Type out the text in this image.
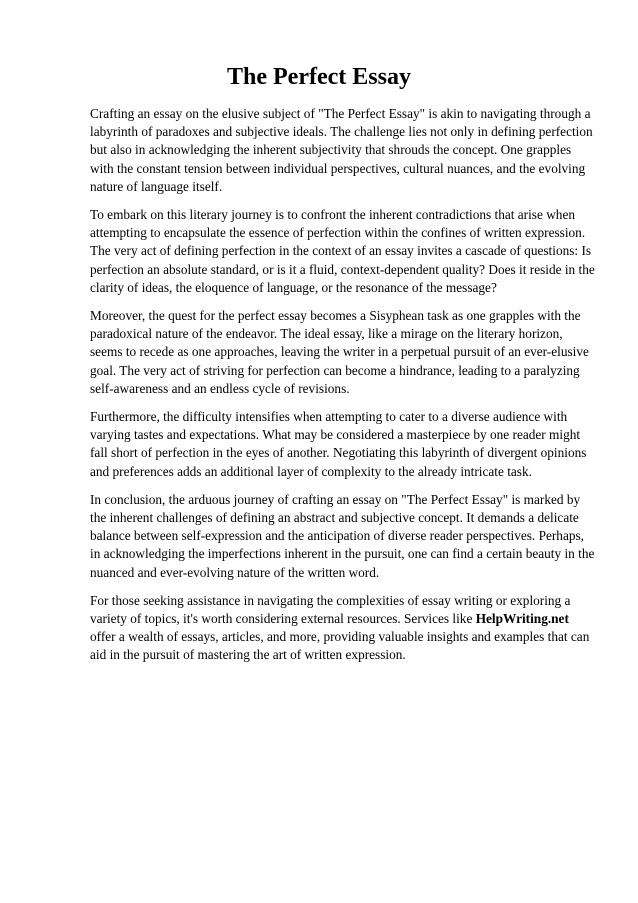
The Perfect Essay

Crafting an essay on the elusive subject of "The Perfect Essay" is akin to navigating through a labyrinth of paradoxes and subjective ideals. The challenge lies not only in defining perfection but also in acknowledging the inherent subjectivity that shrouds the concept. One grapples with the constant tension between individual perspectives, cultural nuances, and the evolving nature of language itself.

To embark on this literary journey is to confront the inherent contradictions that arise when attempting to encapsulate the essence of perfection within the confines of written expression. The very act of defining perfection in the context of an essay invites a cascade of questions: Is perfection an absolute standard, or is it a fluid, context-dependent quality? Does it reside in the clarity of ideas, the eloquence of language, or the resonance of the message?

Moreover, the quest for the perfect essay becomes a Sisyphean task as one grapples with the paradoxical nature of the endeavor. The ideal essay, like a mirage on the literary horizon, seems to recede as one approaches, leaving the writer in a perpetual pursuit of an ever-elusive goal. The very act of striving for perfection can become a hindrance, leading to a paralyzing self-awareness and an endless cycle of revisions.

Furthermore, the difficulty intensifies when attempting to cater to a diverse audience with varying tastes and expectations. What may be considered a masterpiece by one reader might fall short of perfection in the eyes of another. Negotiating this labyrinth of divergent opinions and preferences adds an additional layer of complexity to the already intricate task.

In conclusion, the arduous journey of crafting an essay on "The Perfect Essay" is marked by the inherent challenges of defining an abstract and subjective concept. It demands a delicate balance between self-expression and the anticipation of diverse reader perspectives. Perhaps, in acknowledging the imperfections inherent in the pursuit, one can find a certain beauty in the nuanced and ever-evolving nature of the written word.

For those seeking assistance in navigating the complexities of essay writing or exploring a variety of topics, it's worth considering external resources. Services like HelpWriting.net offer a wealth of essays, articles, and more, providing valuable insights and examples that can aid in the pursuit of mastering the art of written expression.
